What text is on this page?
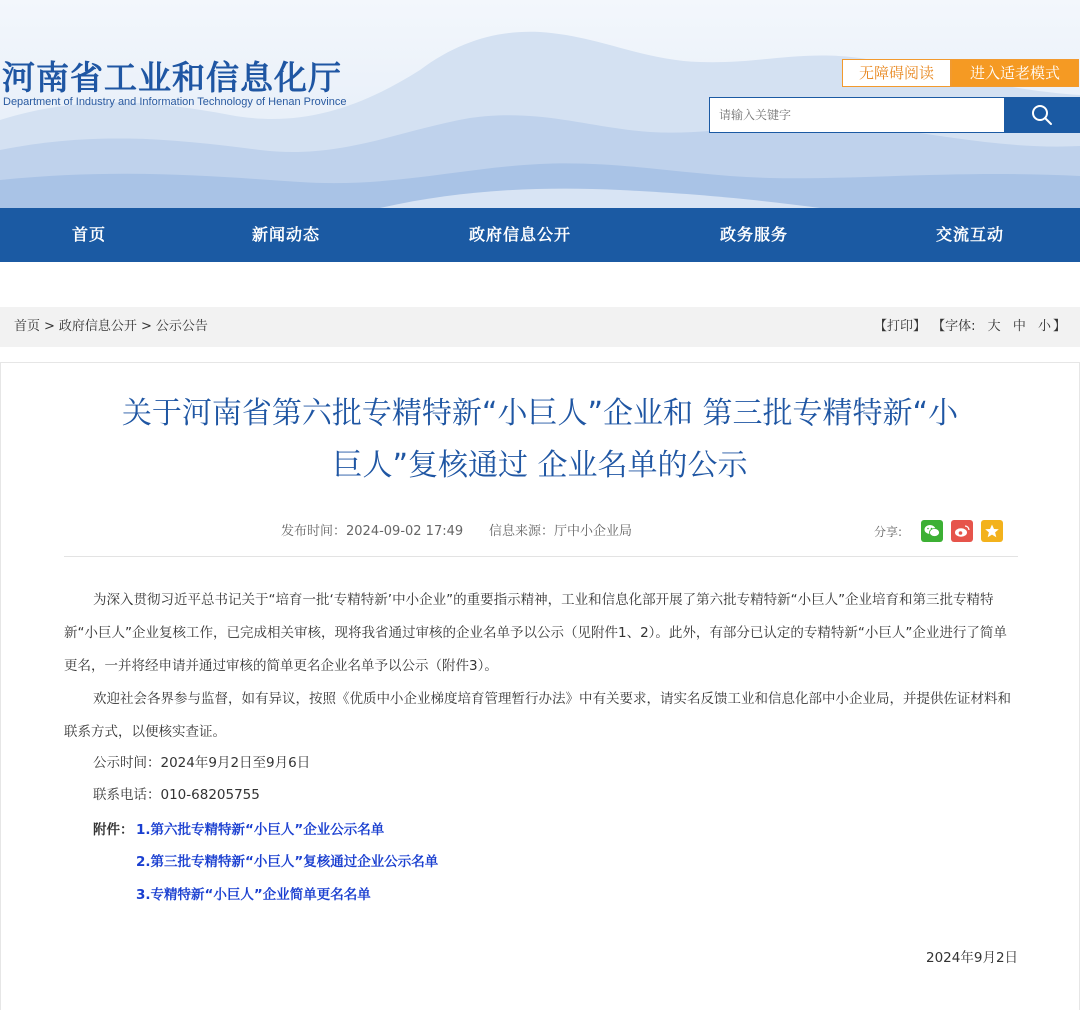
河南省工业和信息化厅
Department of Industry and Information Technology of Henan Province
无障碍阅读	进入适老模式
请输入关键字
首页	新闻动态	政府信息公开	政务服务	交流互动
首页 > 政府信息公开 > 公示公告	【打印】 【字体: 大 中 小 】
关于河南省第六批专精特新“小巨人”企业和 第三批专精特新“小
巨人”复核通过 企业名单的公示
发布时间：2024-09-02 17:49 信息来源：厅中小企业局	分享:
为深入贯彻习近平总书记关于“培育一批‘专精特新’中小企业”的重要指示精神，工业和信息化部开展了第六批专精特新“小巨人”企业培育和第三批专精特新“小巨人”企业复核工作，已完成相关审核，现将我省通过审核的企业名单予以公示（见附件1、2）。此外，有部分已认定的专精特新“小巨人”企业进行了简单更名，一并将经申请并通过审核的简单更名企业名单予以公示（附件3）。
欢迎社会各界参与监督，如有异议，按照《优质中小企业梯度培育管理暂行办法》中有关要求，请实名反馈工业和信息化部中小企业局，并提供佐证材料和联系方式，以便核实查证。
公示时间：2024年9月2日至9月6日
联系电话：010-68205755
附件： 1.第六批专精特新“小巨人”企业公示名单
2.第三批专精特新“小巨人”复核通过企业公示名单
3.专精特新“小巨人”企业简单更名名单
2024年9月2日
